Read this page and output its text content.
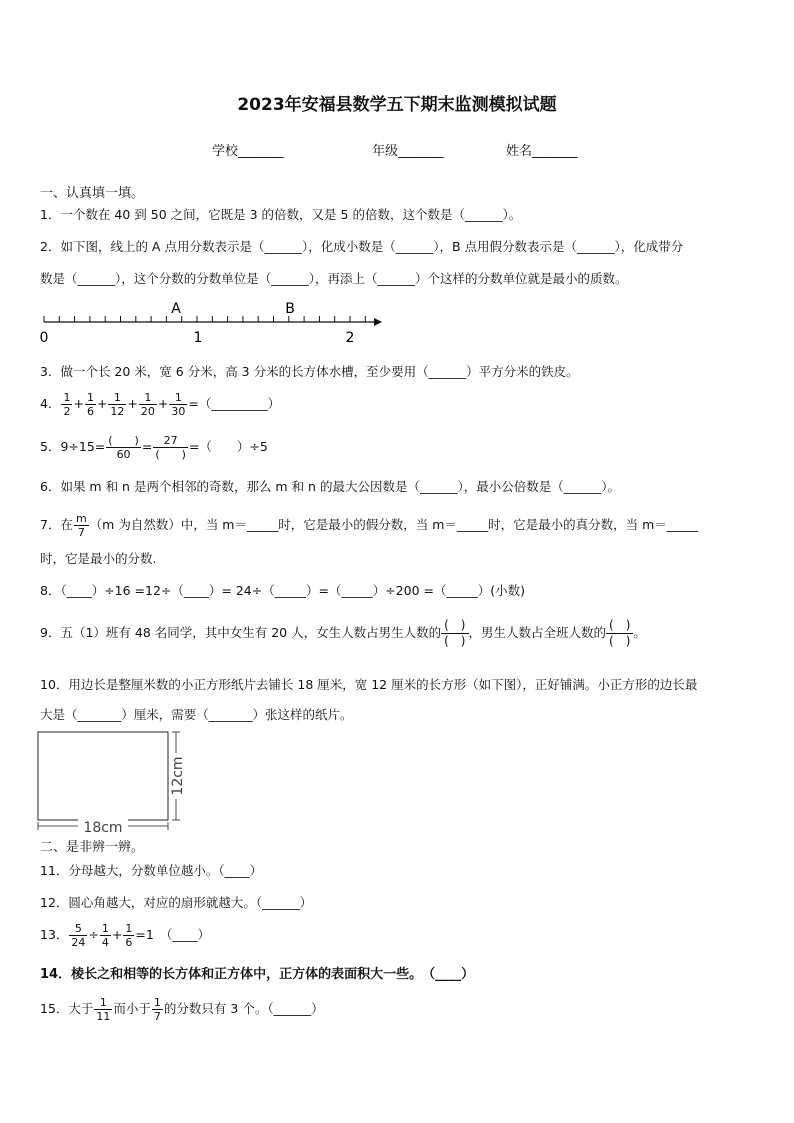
2023年安福县数学五下期末监测模拟试题
学校_______	年级_______	姓名_______
一、认真填一填。
1．一个数在 40 到 50 之间，它既是 3 的倍数，又是 5 的倍数，这个数是（______）。
2．如下图，线上的 A 点用分数表示是（______），化成小数是（______），B 点用假分数表示是（______），化成带分
数是（______），这个分数的分数单位是（______），再添上（______）个这样的分数单位就是最小的质数。
0	1	2
A	B
3．做一个长 20 米，宽 6 分米，高 3 分米的长方体水槽，至少要用（______）平方分米的铁皮。
4． $\frac{1}{2} + \frac{1}{6} + \frac{1}{12} + \frac{1}{20} + \frac{1}{30}$ =（_________）
5．$9\div 15= \frac{( )}{60} = \frac{27}{( )}$ =（　　）÷5
6．如果 m 和 n 是两个相邻的奇数，那么 m 和 n 的最大公因数是（______），最小公倍数是（______）。
7．在 $\frac{m}{7} (m$ 为自然数）中，当 m＝_____时，它是最小的假分数，当 m＝_____时，它是最小的真分数，当 m＝_____
时，它是最小的分数.
8．（____）÷16 =12÷（____）= 24÷（_____）=（_____）÷200 =（_____）(小数)
9．五（1）班有 48 名同学，其中女生有 20 人，女生人数占男生人数的 (　)
(　)
，男生人数占全班人数的 (　)
(　)
。
10．用边长是整厘米数的小正方形纸片去铺长 18 厘米，宽 12 厘米的长方形（如下图），正好铺满。小正方形的边长最
大是（_______）厘米，需要（_______）张这样的纸片。
18cm
12cm
二、是非辨一辨。
11．分母越大，分数单位越小。（____）
12．圆心角越大，对应的扇形就越大。（______）
13． $\frac{5}{24} \div \frac{1}{4} + \frac{1}{6} =1$　（____）
14．棱长之和相等的长方体和正方体中，正方体的表面积大一些。　（____）
15．大于 $\frac{1}{11}$ 而小于 $\frac{1}{7}$ 的分数只有 3 个。（______）
